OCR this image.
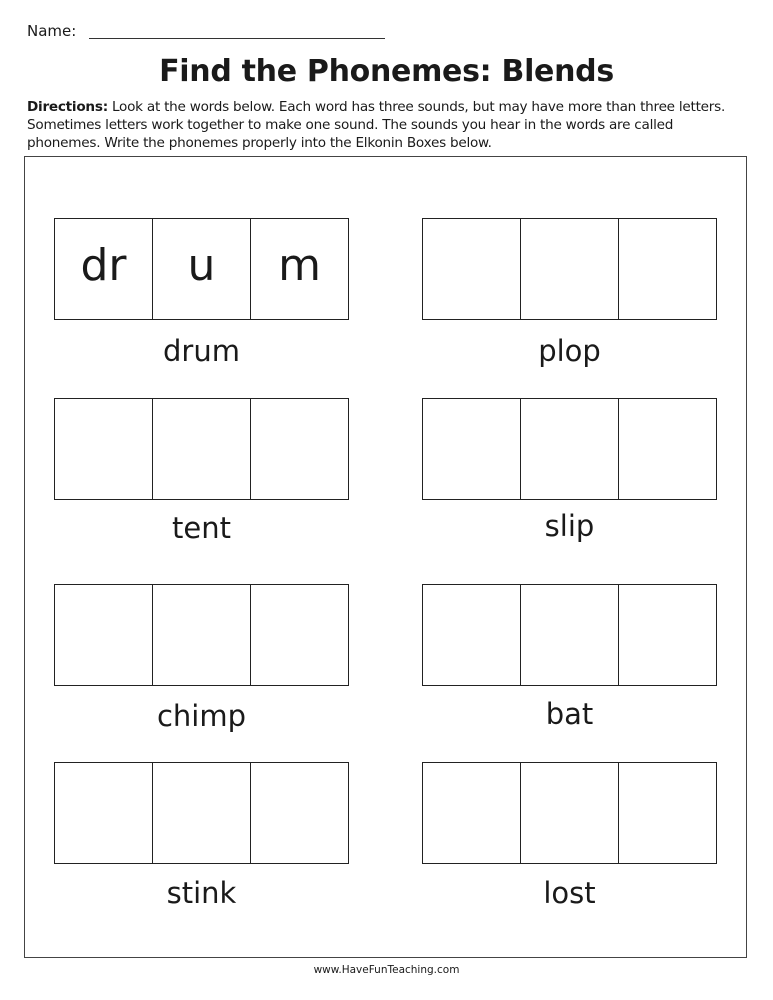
Name:
Find the Phonemes: Blends
Directions: Look at the words below. Each word has three sounds, but may have more than three letters. Sometimes letters work together to make one sound. The sounds you hear in the words are called phonemes. Write the phonemes properly into the Elkonin Boxes below.
dr	u	m
drum	plop
tent	slip
chimp	bat
stink	lost
www.HaveFunTeaching.com
